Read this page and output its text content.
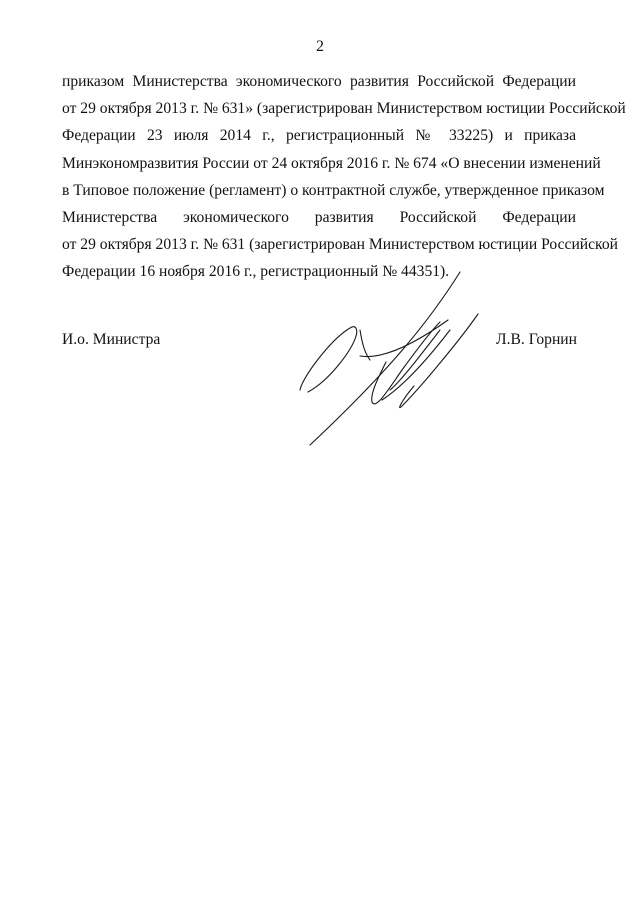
2
приказом Министерства экономического развития Российской Федерации
от 29 октября 2013 г. № 631» (зарегистрирован Министерством юстиции Российской
Федерации 23 июля 2014 г., регистрационный № 33225) и приказа
Минэкономразвития России от 24 октября 2016 г. № 674 «О внесении изменений
в Типовое положение (регламент) о контрактной службе, утвержденное приказом
Министерства экономического развития Российской Федерации
от 29 октября 2013 г. № 631 (зарегистрирован Министерством юстиции Российской
Федерации 16 ноября 2016 г., регистрационный № 44351).
И.о. Министра	Л.В. Горнин
